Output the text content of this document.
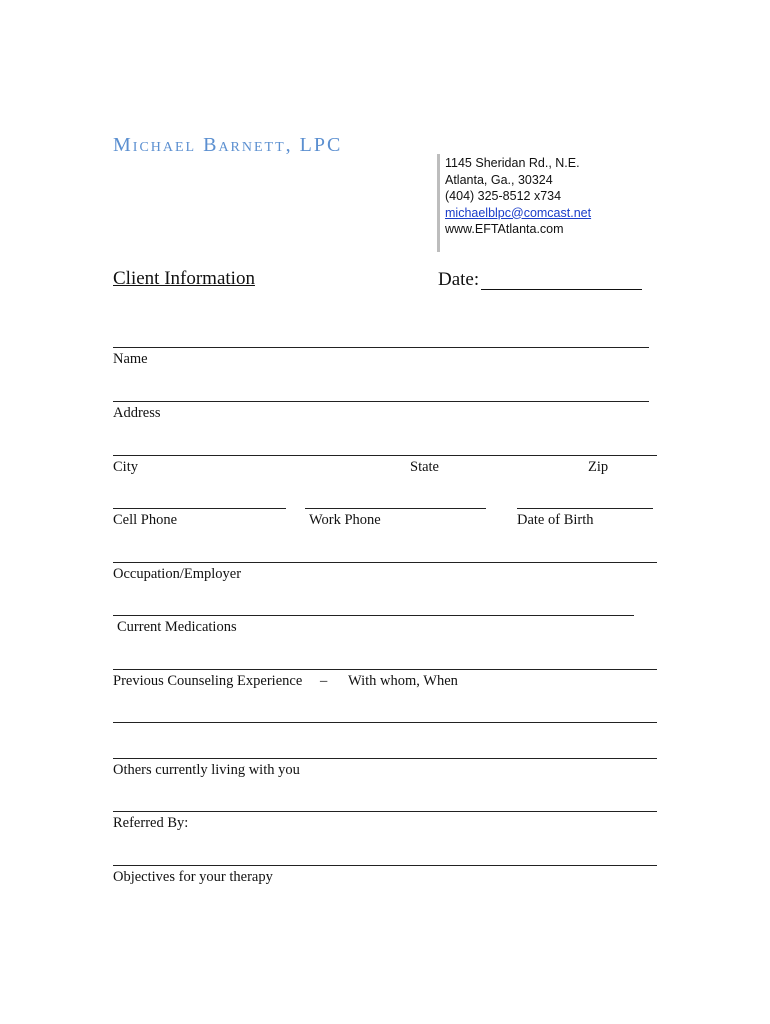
Michael Barnett, LPC
1145 Sheridan Rd., N.E.
Atlanta, Ga., 30324
(404) 325-8512 x734
michaelblpc@comcast.net
www.EFTAtlanta.com
Client Information	Date:
Name
Address
City	State	Zip
Cell Phone	Work Phone	Date of Birth
Occupation/Employer
Current Medications
Previous Counseling Experience – With whom, When
Others currently living with you
Referred By:
Objectives for your therapy
